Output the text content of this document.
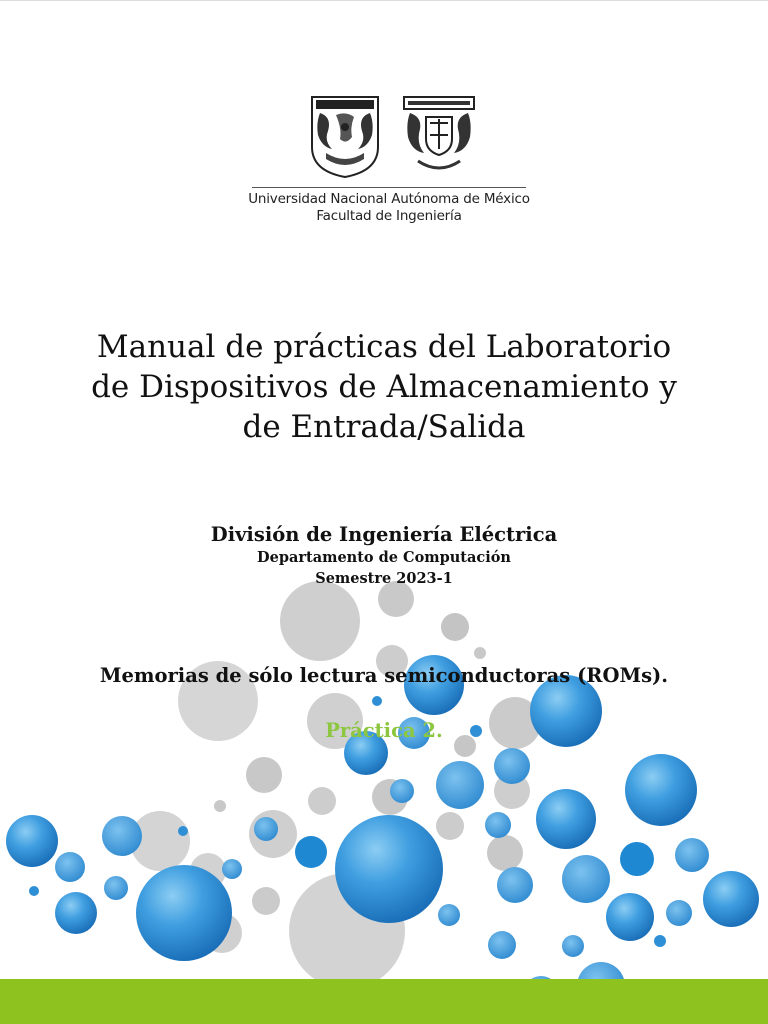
Universidad Nacional Autónoma de México
Facultad de Ingeniería
Manual de prácticas del Laboratorio de Dispositivos de Almacenamiento y de Entrada/Salida
División de Ingeniería Eléctrica
Departamento de Computación
Semestre 2023-1
Memorias de sólo lectura semiconductoras (ROMs).
Práctica 2.
